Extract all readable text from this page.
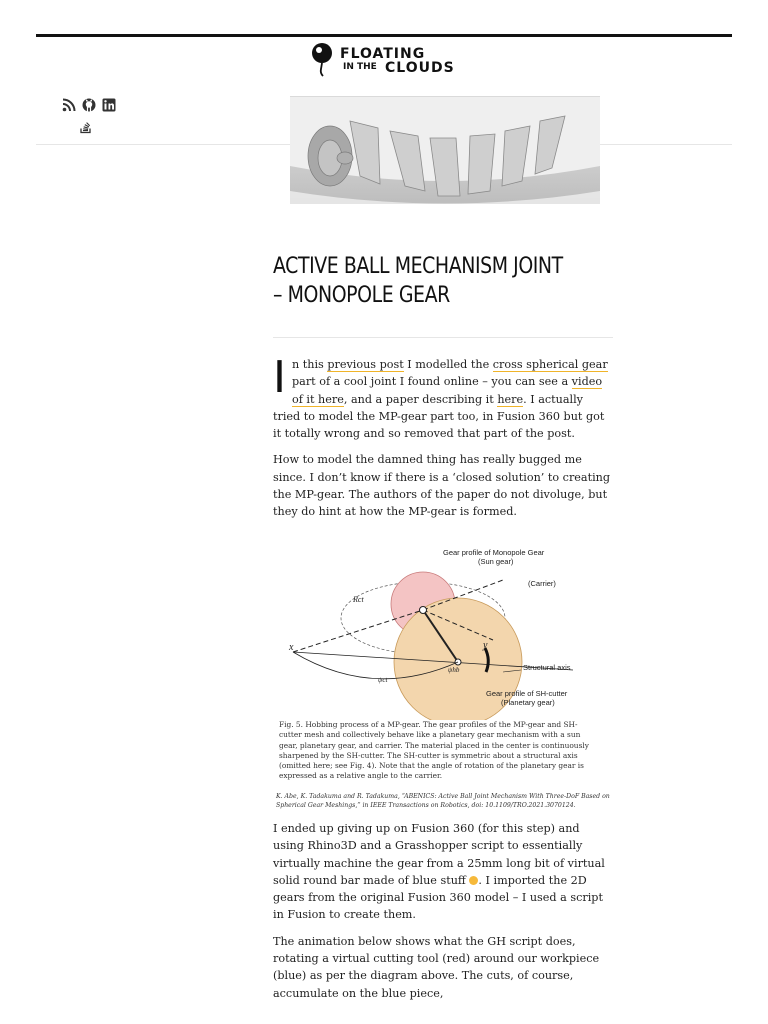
FLOATING
IN THE CLOUDS
ACTIVE BALL MECHANISM JOINT – MONOPOLE GEAR

In this previous post I modelled the cross spherical gear part of a cool joint I found online – you can see a video of it here, and a paper describing it here. I actually tried to model the MP-gear part too, in Fusion 360 but got it totally wrong and so removed that part of the post.

How to model the damned thing has really bugged me since. I don’t know if there is a ‘closed solution’ to creating the MP-gear. The authors of the paper do not divoluge, but they do hint at how the MP-gear is formed.

Gear profile of Monopole Gear
(Sun gear)
(Carrier)
Rct
x	y
ψct
ψhb	Structural axis
Gear profile of SH-cutter
(Planetary gear)
Fig. 5. Hobbing process of a MP-gear. The gear profiles of the MP-gear and SH-cutter mesh and collectively behave like a planetary gear mechanism with a sun gear, planetary gear, and carrier. The material placed in the center is continuously sharpened by the SH-cutter. The SH-cutter is symmetric about a structural axis (omitted here; see Fig. 4). Note that the angle of rotation of the planetary gear is expressed as a relative angle to the carrier.
K. Abe, K. Tadakuma and R. Tadakuma, “ABENICS: Active Ball Joint Mechanism With Three-DoF Based on Spherical Gear Meshings,” in IEEE Transactions on Robotics, doi: 10.1109/TRO.2021.3070124.

I ended up giving up on Fusion 360 (for this step) and using Rhino3D and a Grasshopper script to essentially virtually machine the gear from a 25mm long bit of virtual solid round bar made of blue stuff . I imported the 2D gears from the original Fusion 360 model – I used a script in Fusion to create them.

The animation below shows what the GH script does, rotating a virtual cutting tool (red) around our workpiece (blue) as per the diagram above. The cuts, of course, accumulate on the blue piece,
